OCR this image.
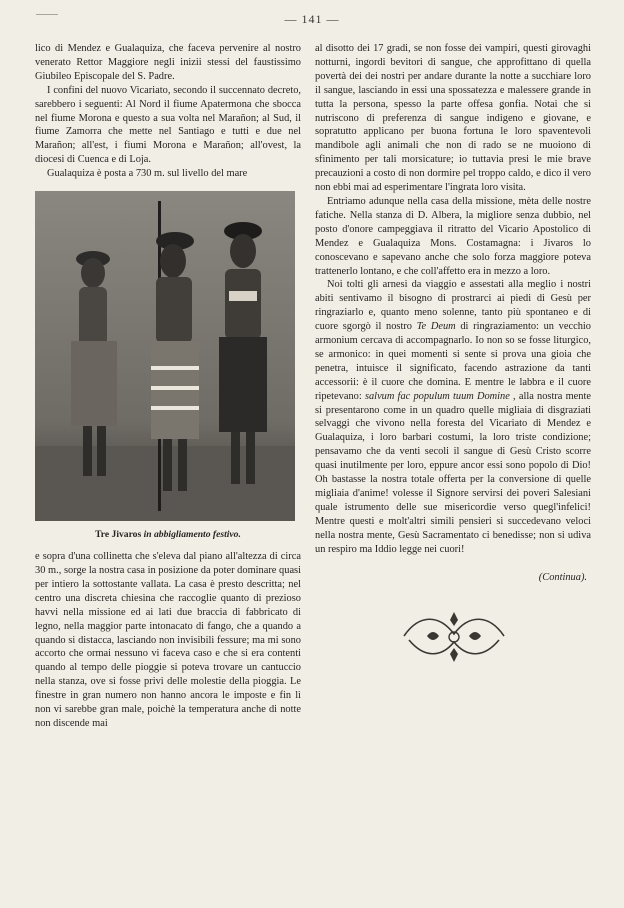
— 141 —

lico di Mendez e Gualaquiza, che faceva pervenire al nostro venerato Rettor Maggiore negli inizii stessi del faustissimo Giubileo Episcopale del S. Padre.

I confini del nuovo Vicariato, secondo il succennato decreto, sarebbero i seguenti: Al Nord il fiume Apatermona che sbocca nel fiume Morona e questo a sua volta nel Marañon; al Sud, il fiume Zamorra che mette nel Santiago e tutti e due nel Marañon; all'est, i fiumi Morona e Marañon; all'ovest, la diocesi di Cuenca e di Loja.

Gualaquiza è posta a 730 m. sul livello del mare

Tre Jivaros in abbigliamento festivo.

e sopra d'una collinetta che s'eleva dal piano all'altezza di circa 30 m., sorge la nostra casa in posizione da poter dominare quasi per intiero la sottostante vallata. La casa è presto descritta; nel centro una discreta chiesina che raccoglie quanto di prezioso havvi nella missione ed ai lati due braccia di fabbricato di legno, nella maggior parte intonacato di fango, che a quando a quando si distacca, lasciando non invisibili fessure; ma mi sono accorto che ormai nessuno vi faceva caso e che si era contenti quando al tempo delle pioggie si poteva trovare un cantuccio nella stanza, ove si fosse privi delle molestie della pioggia. Le finestre in gran numero non hanno ancora le imposte e fin lì non vi sarebbe gran male, poichè la temperatura anche di notte non discende mai

al disotto dei 17 gradi, se non fosse dei vampiri, questi girovaghi notturni, ingordi bevitori di sangue, che approfittano di quella povertà dei dei nostri per andare durante la notte a succhiare loro il sangue, lasciando in essi una spossatezza e malessere grande in tutta la persona, spesso la parte offesa gonfia. Notai che si nutriscono di preferenza di sangue indigeno e giovane, e sopratutto applicano per buona fortuna le loro spaventevoli mandibole agli animali che non di rado se ne muoiono di sfinimento per tali morsicature; io tuttavia presi le mie brave precauzioni a costo di non dormire pel troppo caldo, e dico il vero non ebbi mai ad esperimentare l'ingrata loro visita.

Entriamo adunque nella casa della missione, mèta delle nostre fatiche. Nella stanza di D. Albera, la migliore senza dubbio, nel posto d'onore campeggiava il ritratto del Vicario Apostolico di Mendez e Gualaquiza Mons. Costamagna: i Jivaros lo conoscevano e sapevano anche che solo forza maggiore poteva trattenerlo lontano, e che coll'affetto era in mezzo a loro.

Noi tolti gli arnesi da viaggio e assestati alla meglio i nostri abiti sentivamo il bisogno di prostrarci ai piedi di Gesù per ringraziarlo e, quanto meno solenne, tanto più spontaneo e di cuore sgorgò il nostro Te Deum di ringraziamento: un vecchio armonium cercava di accompagnarlo. Io non so se fosse liturgico, se armonico: in quei momenti si sente si prova una gioia che penetra, intuisce il significato, facendo astrazione da tanti accessorii: è il cuore che domina. E mentre le labbra e il cuore ripetevano: salvum fac populum tuum Domine , alla nostra mente si presentarono come in un quadro quelle migliaia di disgraziati selvaggi che vivono nella foresta del Vicariato di Mendez e Gualaquiza, i loro barbari costumi, la loro triste condizione; pensavamo che da venti secoli il sangue di Gesù Cristo scorre quasi inutilmente per loro, eppure ancor essi sono popolo di Dio! Oh bastasse la nostra totale offerta per la conversione di quelle migliaia d'anime! volesse il Signore servirsi dei poveri Salesiani quale istrumento delle sue misericordie verso quegl'infelici! Mentre questi e molt'altri simili pensieri si succedevano veloci nella nostra mente, Gesù Sacramentato ci benedisse; non si udiva un respiro ma Iddio legge nei cuori!

(Continua).
